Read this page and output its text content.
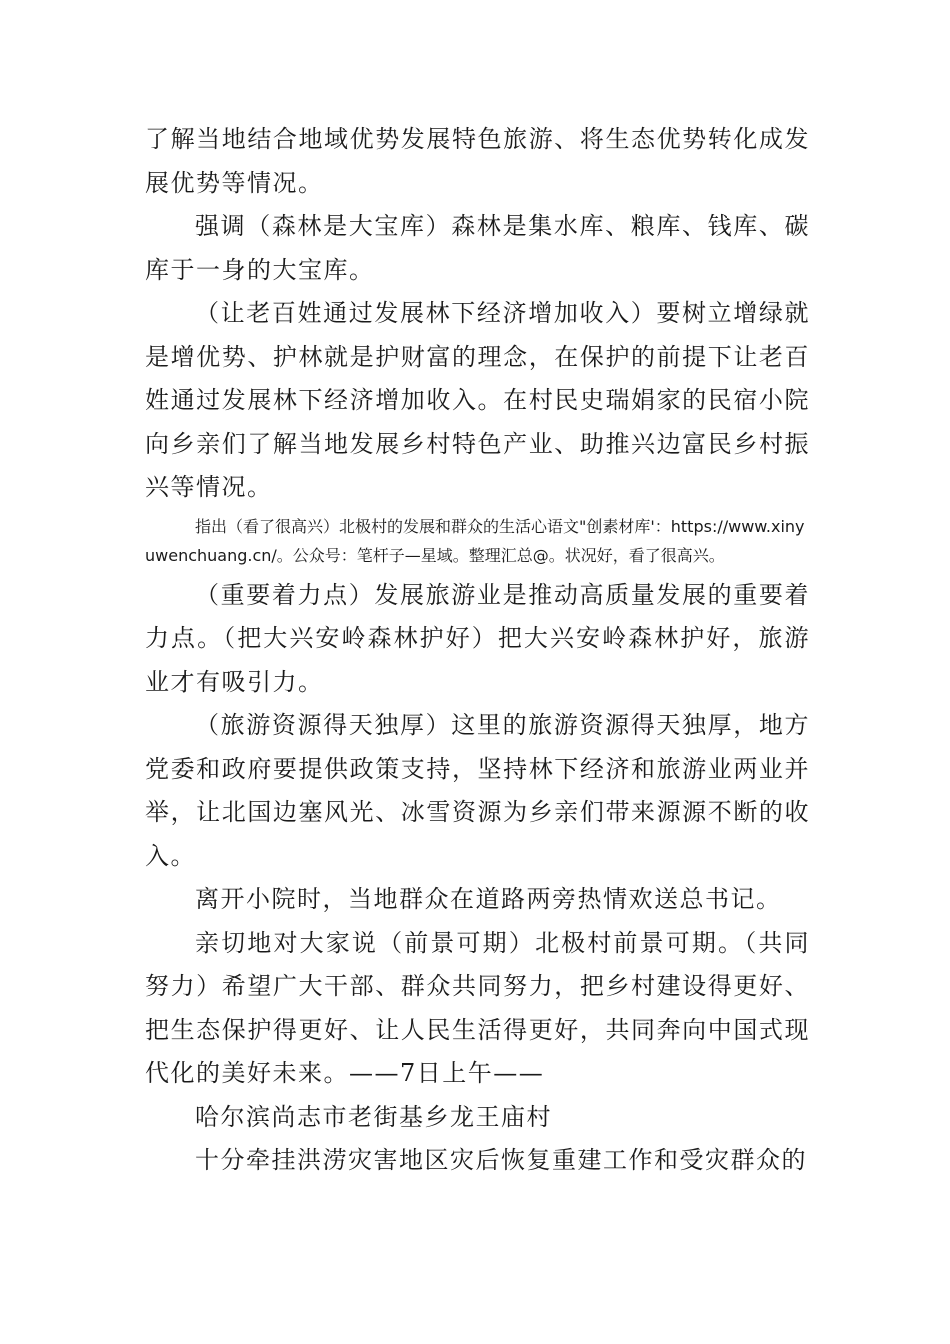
了解当地结合地域优势发展特色旅游、将生态优势转化成发展优势等情况。

强调（森林是大宝库）森林是集水库、粮库、钱库、碳库于一身的大宝库。

（让老百姓通过发展林下经济增加收入）要树立增绿就是增优势、护林就是护财富的理念，在保护的前提下让老百姓通过发展林下经济增加收入。在村民史瑞娟家的民宿小院向乡亲们了解当地发展乡村特色产业、助推兴边富民乡村振兴等情况。

指出（看了很高兴）北极村的发展和群众的生活心语文"创素材库'：https://www.xinyuwenchuang.cn/。公众号：笔杆子—星域。整理汇总@。状况好，看了很高兴。

（重要着力点）发展旅游业是推动高质量发展的重要着力点。（把大兴安岭森林护好）把大兴安岭森林护好，旅游业才有吸引力。

（旅游资源得天独厚）这里的旅游资源得天独厚，地方党委和政府要提供政策支持，坚持林下经济和旅游业两业并举，让北国边塞风光、冰雪资源为乡亲们带来源源不断的收入。

离开小院时，当地群众在道路两旁热情欢送总书记。

亲切地对大家说（前景可期）北极村前景可期。（共同努力）希望广大干部、群众共同努力，把乡村建设得更好、把生态保护得更好、让人民生活得更好，共同奔向中国式现代化的美好未来。——7日上午——

哈尔滨尚志市老街基乡龙王庙村

十分牵挂洪涝灾害地区灾后恢复重建工作和受灾群众的
